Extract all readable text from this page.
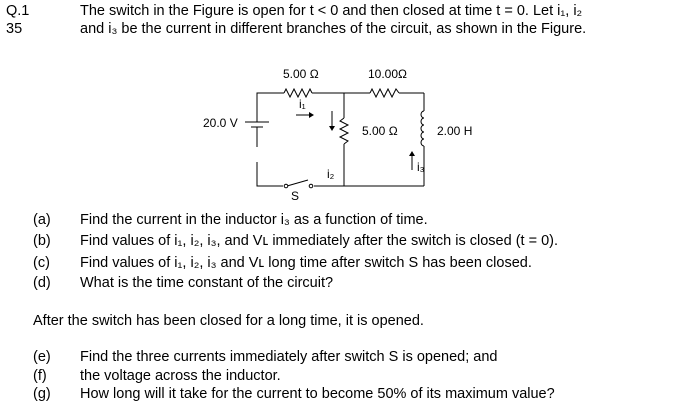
Q.1
35
The switch in the Figure is open for t < 0 and then closed at time t = 0. Let i₁, i₂
and i₃ be the current in different branches of the circuit, as shown in the Figure.
5.00 Ω	10.00Ω
20.0 V
5.00 Ω	2.00 H
i₁
i₂	i₃
S
(a) Find the current in the inductor i₃ as a function of time.
(b) Find values of i₁, i₂, i₃, and Vʟ immediately after the switch is closed (t = 0).
(c) Find values of i₁, i₂, i₃ and Vʟ long time after switch S has been closed.
(d) What is the time constant of the circuit?
After the switch has been closed for a long time, it is opened.
(e) Find the three currents immediately after switch S is opened; and
(f) the voltage across the inductor.
(g) How long will it take for the current to become 50% of its maximum value?
